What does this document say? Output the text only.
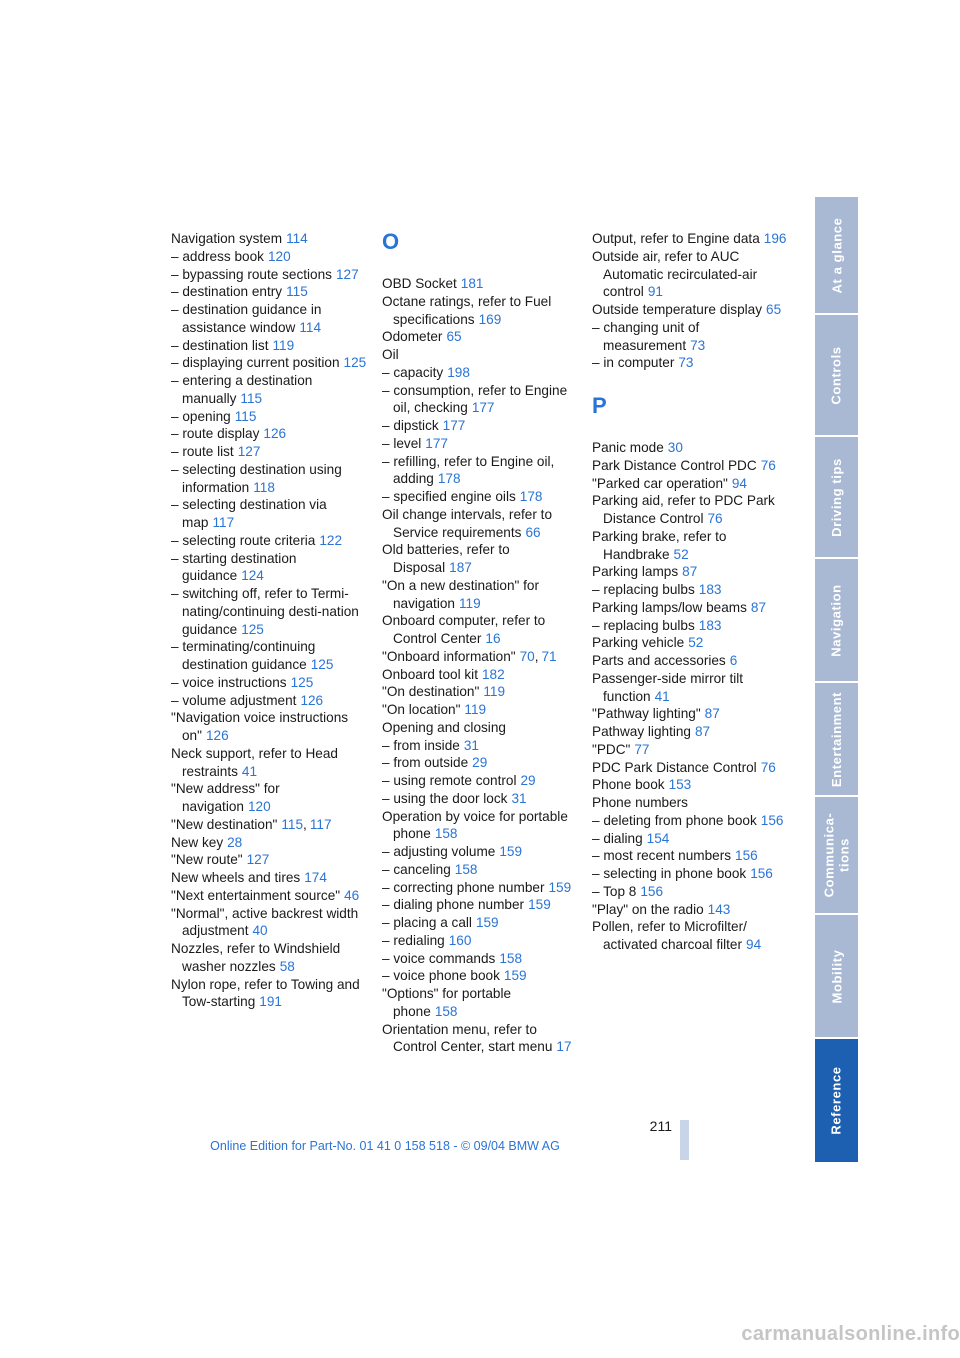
Navigation system 114

– address book 120

– bypassing route sections 127

– destination entry 115

– destination guidance in assistance window 114

– destination list 119

– displaying current position 125

– entering a destination manually 115

– opening 115

– route display 126

– route list 127

– selecting destination using information 118

– selecting destination via map 117

– selecting route criteria 122

– starting destination guidance 124

– switching off, refer to Termi-nating/continuing desti-nation guidance 125

– terminating/continuing destination guidance 125

– voice instructions 125

– volume adjustment 126

"Navigation voice instructions on" 126

Neck support, refer to Head restraints 41

"New address" for navigation 120

"New destination" 115, 117

New key 28

"New route" 127

New wheels and tires 174

"Next entertainment source" 46

"Normal", active backrest width adjustment 40

Nozzles, refer to Windshield washer nozzles 58

Nylon rope, refer to Towing and Tow-starting 191

O

OBD Socket 181

Octane ratings, refer to Fuel specifications 169

Odometer 65

Oil

– capacity 198

– consumption, refer to Engine oil, checking 177

– dipstick 177

– level 177

– refilling, refer to Engine oil, adding 178

– specified engine oils 178

Oil change intervals, refer to Service requirements 66

Old batteries, refer to Disposal 187

"On a new destination" for navigation 119

Onboard computer, refer to Control Center 16

"Onboard information" 70, 71

Onboard tool kit 182

"On destination" 119

"On location" 119

Opening and closing

– from inside 31

– from outside 29

– using remote control 29

– using the door lock 31

Operation by voice for portable phone 158

– adjusting volume 159

– canceling 158

– correcting phone number 159

– dialing phone number 159

– placing a call 159

– redialing 160

– voice commands 158

– voice phone book 159

"Options" for portable phone 158

Orientation menu, refer to Control Center, start menu 17

Output, refer to Engine data 196

Outside air, refer to AUC Automatic recirculated-air control 91

Outside temperature display 65

– changing unit of measurement 73

– in computer 73

P

Panic mode 30

Park Distance Control PDC 76

"Parked car operation" 94

Parking aid, refer to PDC Park Distance Control 76

Parking brake, refer to Handbrake 52

Parking lamps 87

– replacing bulbs 183

Parking lamps/low beams 87

– replacing bulbs 183

Parking vehicle 52

Parts and accessories 6

Passenger-side mirror tilt function 41

"Pathway lighting" 87

Pathway lighting 87

"PDC" 77

PDC Park Distance Control 76

Phone book 153

Phone numbers

– deleting from phone book 156

– dialing 154

– most recent numbers 156

– selecting in phone book 156

– Top 8 156

"Play" on the radio 143

Pollen, refer to Microfilter/ activated charcoal filter 94

At a glance
Controls
Driving tips
Navigation
Entertainment
Communica-
tions
Mobility
Reference
211
Online Edition for Part-No. 01 41 0 158 518 - © 09/04 BMW AG
carmanualsonline.info
